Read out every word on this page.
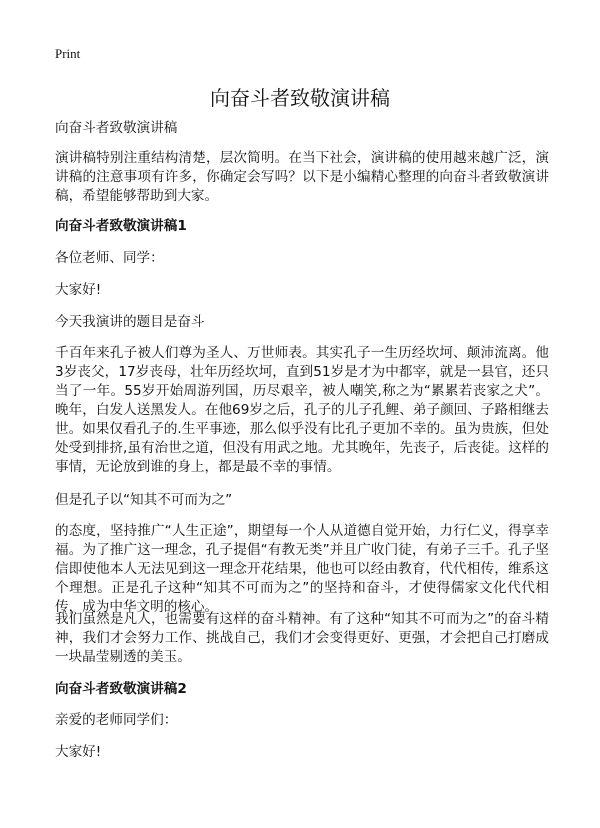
Print
向奋斗者致敬演讲稿

向奋斗者致敬演讲稿

演讲稿特别注重结构清楚，层次简明。在当下社会，演讲稿的使用越来越广泛，演讲稿的注意事项有许多，你确定会写吗？以下是小编精心整理的向奋斗者致敬演讲稿，希望能够帮助到大家。

向奋斗者致敬演讲稿1

各位老师、同学：

大家好!

今天我演讲的题目是奋斗

千百年来孔子被人们尊为圣人、万世师表。其实孔子一生历经坎坷、颠沛流离。他3岁丧父，17岁丧母，壮年历经坎坷，直到51岁是才为中都宰，就是一县官，还只当了一年。55岁开始周游列国，历尽艰辛，被人嘲笑,称之为“累累若丧家之犬”。晚年，白发人送黑发人。在他69岁之后，孔子的儿子孔鲤、弟子颜回、子路相继去世。如果仅看孔子的.生平事迹，那么似乎没有比孔子更加不幸的。虽为贵族，但处处受到排挤,虽有治世之道，但没有用武之地。尤其晚年，先丧子，后丧徒。这样的事情，无论放到谁的身上，都是最不幸的事情。

但是孔子以“知其不可而为之”

的态度，坚持推广“人生正途”，期望每一个人从道德自觉开始，力行仁义，得享幸福。为了推广这一理念，孔子提倡“有教无类”并且广收门徒，有弟子三千。孔子坚信即使他本人无法见到这一理念开花结果，他也可以经由教育，代代相传，维系这个理想。正是孔子这种“知其不可而为之”的坚持和奋斗，才使得儒家文化代代相传，成为中华文明的核心。

我们虽然是凡人，也需要有这样的奋斗精神。有了这种“知其不可而为之”的奋斗精神，我们才会努力工作、挑战自己，我们才会变得更好、更强，才会把自己打磨成一块晶莹剔透的美玉。

向奋斗者致敬演讲稿2

亲爱的老师同学们：

大家好!
